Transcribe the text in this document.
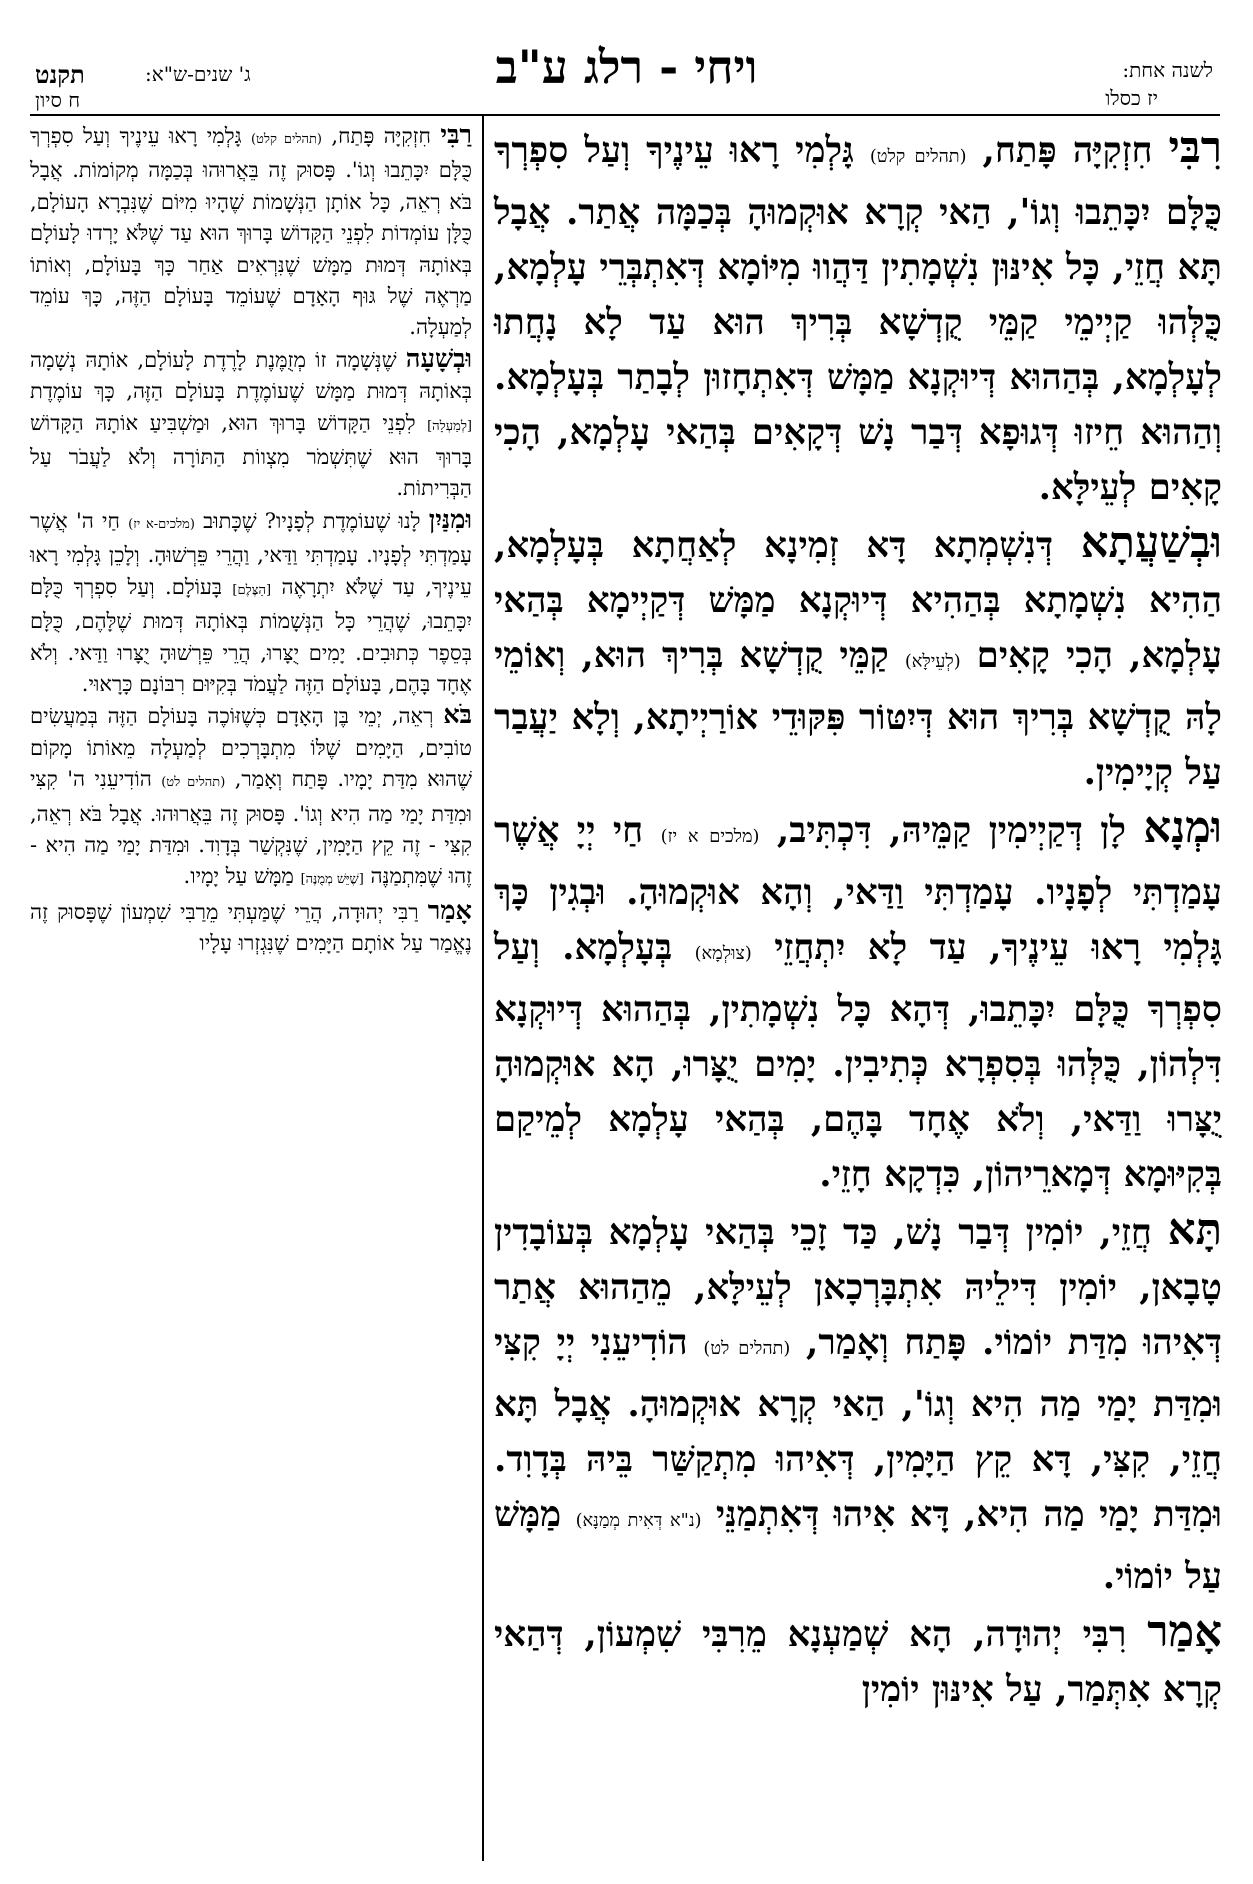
לשנה אחת:
יז כסלו
ויחי - רלג ע"ב
ג' שנים-ש"א:
תקנט
ח סיון

רִבִּי חִזְקִיָּה פָּתַח, (תהלים קלט) גָּלְמִי רָאוּ עֵינֶיךָ וְעַל סִפְרְךָ כֻּלָּם יִכָּתֵבוּ וְגוֹ', הַאי קְרָא אוּקְמוּהָ בְּכַמָּה אֲתַר. אֲבָל תָּא חֲזֵי, כָּל אִינּוּן נִשְׁמָתִין דַּהֲווּ מִיּוֹמָא דְּאִתְבְּרֵי עָלְמָא, כֻּלְּהוּ קַיְימֵי קַמֵּי קֻדְשָׁא בְּרִיךְ הוּא עַד לָא נָחֲתוּ לְעָלְמָא, בְּהַהוּא דְּיוּקְנָא מַמָּשׁ דְּאִתְחָזוּן לְבָתַר בְּעָלְמָא. וְהַהוּא חֵיזוּ דְּגוּפָא דְּבַר נָשׁ דְּקָאִים בְּהַאי עָלְמָא, הָכִי קָאִים לְעֵילָּא.

וּבְשַׁעֲתָא דְּנִשְׁמְתָא דָּא זְמִינָא לְאַחֲתָא בְּעָלְמָא, הַהִיא נִשְׁמָתָא בְּהַהִיא דְּיוּקְנָא מַמָּשׁ דְּקַיְימָא בְּהַאי עָלְמָא, הָכִי קָאִים (לְעֵילָּא) קַמֵּי קֻדְשָׁא בְּרִיךְ הוּא, וְאוֹמֵי לָהּ קֻדְשָׁא בְּרִיךְ הוּא דְּיִטּוֹר פִּקּוּדֵי אוֹרַיְיתָא, וְלָא יַעֲבַר עַל קְיָימִין.

וּמְנָא לָן דְּקַיְימִין קַמֵּיהּ, דִּכְתִּיב, (מלכים א יז) חַי יְיָ אֲשֶׁר עָמַדְתִּי לְפָנָיו. עָמַדְתִּי וַדַּאי, וְהָא אוּקְמוּהָ. וּבְגִין כָּךְ גָּלְמִי רָאוּ עֵינֶיךָ, עַד לָא יִתְחֲזֵי (צוּלְמָא) בְּעָלְמָא. וְעַל סִפְרְךָ כֻּלָּם יִכָּתֵבוּ, דְּהָא כָּל נִשְׁמָתִין, בְּהַהוּא דְּיוּקְנָא דִּלְהוֹן, כֻּלְּהוּ בְּסִפְרָא כְּתִיבִין. יָמִים יֻצָּרוּ, הָא אוּקְמוּהָ יֻצָּרוּ וַדַּאי, וְלֹא אֶחָד בָּהֶם, בְּהַאי עָלְמָא לְמֵיקַם בְּקִיּוּמָא דְּמָארֵיהוֹן, כִּדְקָא חָזֵי.

תָּא חֲזֵי, יוֹמִין דְּבַר נָשׁ, כַּד זָכֵי בְּהַאי עָלְמָא בְּעוֹבָדִין טָבָאן, יוֹמִין דִּילֵיהּ אִתְבָּרְכָאן לְעֵילָּא, מֵהַהוּא אֲתַר דְּאִיהוּ מִדַּת יוֹמוֹי. פָּתַח וְאָמַר, (תהלים לט) הוֹדִיעֵנִי יְיָ קִצִּי וּמִדַּת יָמַי מַה הִיא וְגוֹ', הַאי קְרָא אוּקְמוּהָ. אֲבָל תָּא חֲזֵי, קִצִּי, דָּא קֵץ הַיָּמִין, דְּאִיהוּ מִתְקַשַּׁר בֵּיהּ בְּדָוִד. וּמִדַּת יָמַי מַה הִיא, דָּא אִיהוּ דְּאִתְמַנֵּי (נ"א דְּאִית מְמַנָּא) מַמָּשׁ עַל יוֹמוֹי.

אָמַר רִבִּי יְהוּדָה, הָא שְׁמַעְנָא מֵרִבִּי שִׁמְעוֹן, דְּהַאי קְרָא אִתְּמַר, עַל אִינּוּן יוֹמִין

רַבִּי חִזְקִיָּה פָּתַח, (תהלים קלט) גָּלְמִי רָאוּ עֵינֶיךָ וְעַל סִפְרְךָ כֻּלָּם יִכָּתֵבוּ וְגוֹ'. פָּסוּק זֶה בֵּאֲרוּהוּ בְּכַמָּה מְקוֹמוֹת. אֲבָל בֹּא רְאֵה, כָּל אוֹתָן הַנְּשָׁמוֹת שֶׁהָיוּ מִיּוֹם שֶׁנִּבְרָא הָעוֹלָם, כֻּלָּן עוֹמְדוֹת לִפְנֵי הַקָּדוֹשׁ בָּרוּךְ הוּא עַד שֶׁלֹּא יָרְדוּ לָעוֹלָם בְּאוֹתָהּ דְּמוּת מַמָּשׁ שֶׁנִּרְאִים אַחַר כָּךְ בָּעוֹלָם, וְאוֹתוֹ מַרְאֶה שֶׁל גּוּף הָאָדָם שֶׁעוֹמֵד בָּעוֹלָם הַזֶּה, כָּךְ עוֹמֵד לְמַעְלָה.

וּבְשָׁעָה שֶׁנְּשָׁמָה זוֹ מְזֻמֶּנֶת לָרֶדֶת לָעוֹלָם, אוֹתָהּ נְשָׁמָה בְּאוֹתָהּ דְּמוּת מַמָּשׁ שֶׁעוֹמֶדֶת בָּעוֹלָם הַזֶּה, כָּךְ עוֹמֶדֶת [לְמַעְלָה] לִפְנֵי הַקָּדוֹשׁ בָּרוּךְ הוּא, וּמַשְׁבִּיעַ אוֹתָהּ הַקָּדוֹשׁ בָּרוּךְ הוּא שֶׁתִּשְׁמֹר מִצְווֹת הַתּוֹרָה וְלֹא לַעֲבֹר עַל הַבְּרִיתוֹת.

וּמִנַּיִן לָנוּ שֶׁעוֹמֶדֶת לְפָנָיו? שֶׁכָּתוּב (מלכים-א יז) חַי ה' אֲשֶׁר עָמַדְתִּי לְפָנָיו. עָמַדְתִּי וַדַּאי, וַהֲרֵי פֵּרְשׁוּהָ. וְלָכֵן גָּלְמִי רָאוּ עֵינֶיךָ, עַד שֶׁלֹּא יִתְרָאֶה [הַצֶּלֶם] בָּעוֹלָם. וְעַל סִפְרְךָ כֻּלָּם יִכָּתֵבוּ, שֶׁהֲרֵי כָּל הַנְּשָׁמוֹת בְּאוֹתָהּ דְּמוּת שֶׁלָּהֶם, כֻּלָּם בְּסֵפֶר כְּתוּבִים. יָמִים יֻצָּרוּ, הֲרֵי פֵּרְשׁוּהָ יֻצָּרוּ וַדַּאי. וְלֹא אֶחָד בָּהֶם, בָּעוֹלָם הַזֶּה לַעֲמֹד בְּקִיּוּם רִבּוֹנָם כָּרָאוּי.

בֹּא רְאֵה, יְמֵי בֶּן הָאָדָם כְּשֶׁזּוֹכֶה בָּעוֹלָם הַזֶּה בְּמַעֲשִׂים טוֹבִים, הַיָּמִים שֶׁלּוֹ מִתְבָּרְכִים לְמַעְלָה מֵאוֹתוֹ מָקוֹם שֶׁהוּא מִדַּת יָמָיו. פָּתַח וְאָמַר, (תהלים לט) הוֹדִיעֵנִי ה' קִצִּי וּמִדַּת יָמַי מַה הִיא וְגוֹ'. פָּסוּק זֶה בֵּאֲרוּהוּ. אֲבָל בֹּא רְאֵה, קִצִּי - זֶה קֵץ הַיָּמִין, שֶׁנִּקְשַׁר בְּדָוִד. וּמִדַּת יָמַי מַה הִיא - זֶהוּ שֶׁמִּתְמַנֶּה [שֶׁיֵּשׁ מְמֻנֶּה] מַמָּשׁ עַל יָמָיו.

אָמַר רַבִּי יְהוּדָה, הֲרֵי שֶׁמַּעְתִּי מֵרַבִּי שִׁמְעוֹן שֶׁפָּסוּק זֶה נֶאֱמַר עַל אוֹתָם הַיָּמִים שֶׁנִּגְזְרוּ עָלָיו
